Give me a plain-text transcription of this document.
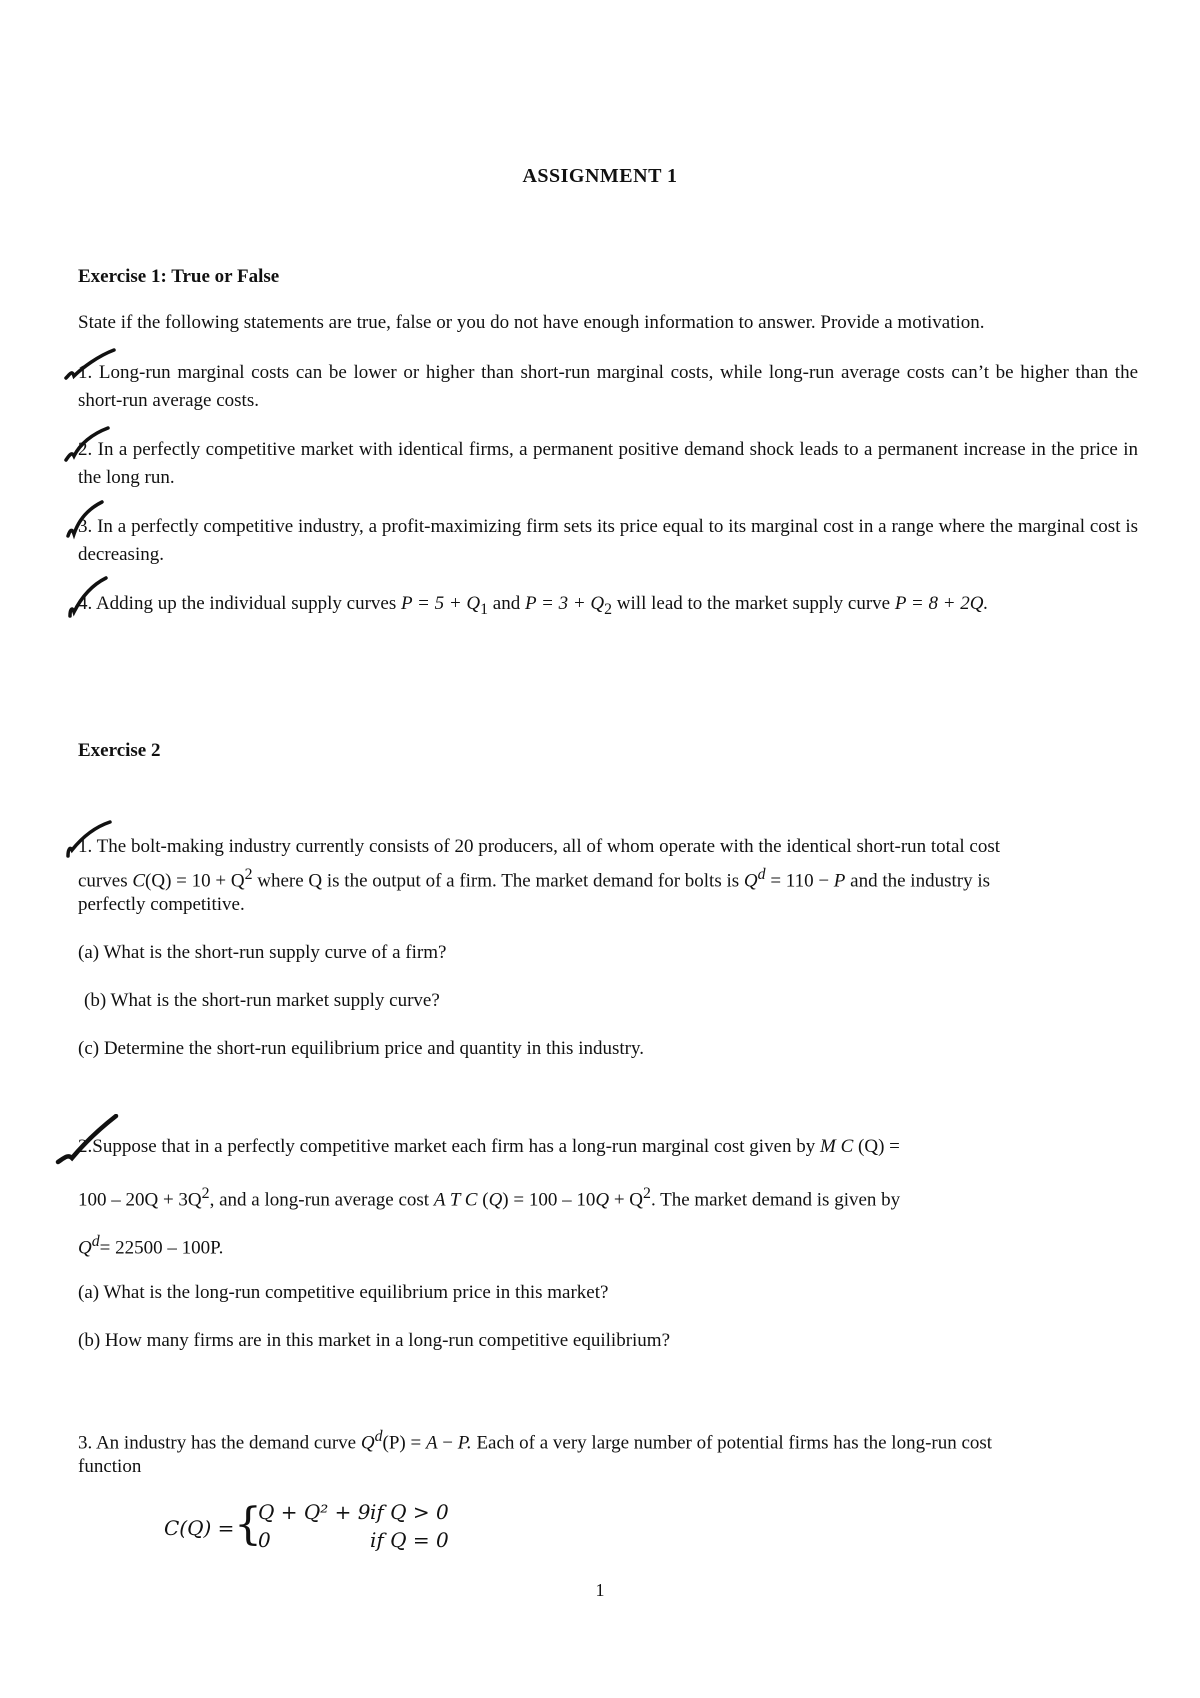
ASSIGNMENT 1
Exercise 1: True or False
State if the following statements are true, false or you do not have enough information to answer. Provide a motivation.
1. Long-run marginal costs can be lower or higher than short-run marginal costs, while long-run average costs can’t be higher than the short-run average costs.
2. In a perfectly competitive market with identical firms, a permanent positive demand shock leads to a permanent increase in the price in the long run.
3. In a perfectly competitive industry, a profit-maximizing firm sets its price equal to its marginal cost in a range where the marginal cost is decreasing.
4. Adding up the individual supply curves $P = 5 + Q_1$ and $P = 3 + Q_2$ will lead to the market supply curve P = 8 + 2Q.
Exercise 2
1. The bolt-making industry currently consists of 20 producers, all of whom operate with the identical short-run total cost
curves $C(Q) = 10 + Q^2$ where Q is the output of a firm. The market demand for bolts is $Q^d = 110 - P$ and the industry is
perfectly competitive.
(a) What is the short-run supply curve of a firm?
(b) What is the short-run market supply curve?
(c) Determine the short-run equilibrium price and quantity in this industry.
2.Suppose that in a perfectly competitive market each firm has a long-run marginal cost given by M C (Q) =
$100 - 20Q + 3Q^2$, and a long-run average cost A T C $(Q) = 100 - 10Q + Q^2$. The market demand is given by
$Q^d= 22500 - 100P$.
(a) What is the long-run competitive equilibrium price in this market?
(b) How many firms are in this market in a long-run competitive equilibrium?
3. An industry has the demand curve $Q^d(P) = A - P$. Each of a very large number of potential firms has the long-run cost
function
C(Q) = {
Q + Q² + 9 if Q > 0
0	if Q = 0
1
